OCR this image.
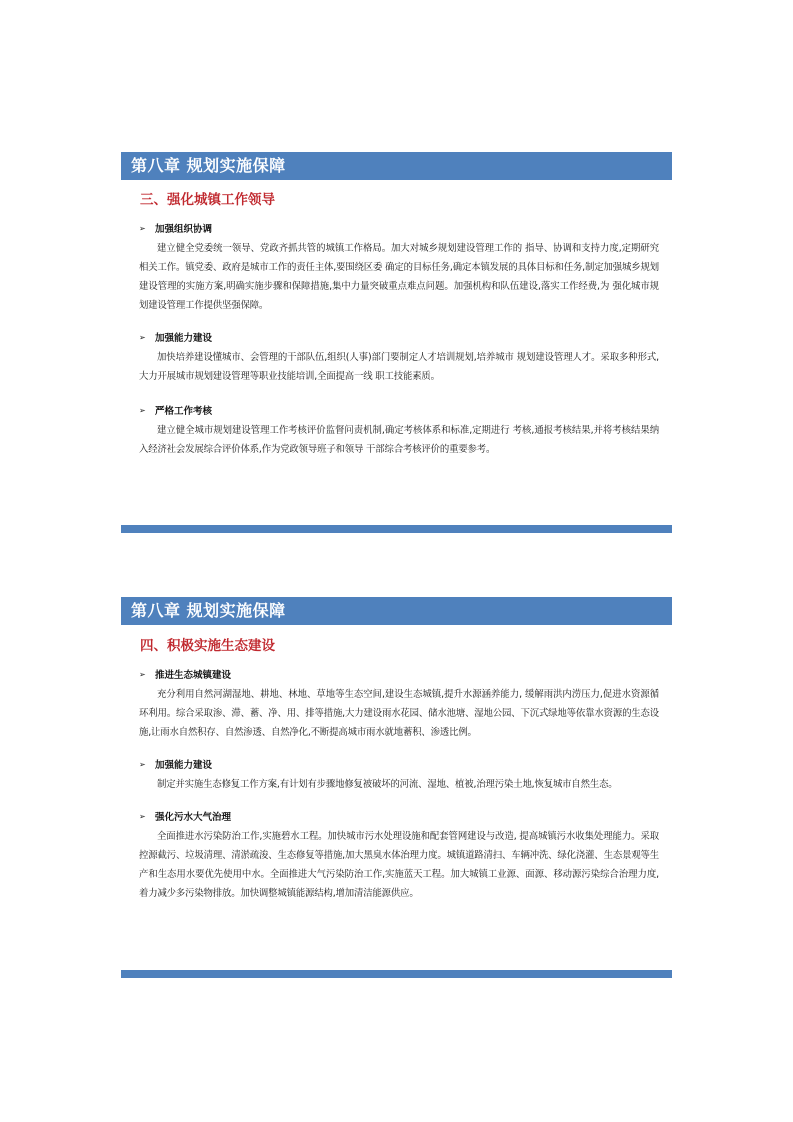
第八章 规划实施保障
三、强化城镇工作领导
➢ 加强组织协调
建立健全党委统一领导、党政齐抓共管的城镇工作格局。加大对城乡规划建设管理工作的 指导、协调和支持力度,定期研究相关工作。镇党委、政府是城市工作的责任主体,要围绕区委 确定的目标任务,确定本镇发展的具体目标和任务,制定加强城乡规划建设管理的实施方案,明确实施步骤和保障措施,集中力量突破重点难点问题。加强机构和队伍建设,落实工作经费,为 强化城市规划建设管理工作提供坚强保障。
➢ 加强能力建设
加快培养建设懂城市、会管理的干部队伍,组织(人事)部门要制定人才培训规划,培养城市 规划建设管理人才。采取多种形式,大力开展城市规划建设管理等职业技能培训,全面提高一线 职工技能素质。
➢ 严格工作考核
建立健全城市规划建设管理工作考核评价监督问责机制,确定考核体系和标准,定期进行 考核,通报考核结果,并将考核结果纳入经济社会发展综合评价体系,作为党政领导班子和领导 干部综合考核评价的重要参考。
第八章 规划实施保障
四、积极实施生态建设
➢ 推进生态城镇建设
充分利用自然河湖湿地、耕地、林地、草地等生态空间,建设生态城镇,提升水源涵养能力, 缓解雨洪内涝压力,促进水资源循环利用。综合采取渗、滞、蓄、净、用、排等措施,大力建设雨水花园、储水池塘、湿地公园、下沉式绿地等依靠水资源的生态设施,让雨水自然积存、自然渗透、自然净化,不断提高城市雨水就地蓄积、渗透比例。
➢ 加强能力建设
制定并实施生态修复工作方案,有计划有步骤地修复被破坏的河流、湿地、植被,治理污染土地,恢复城市自然生态。
➢ 强化污水大气治理
全面推进水污染防治工作,实施碧水工程。加快城市污水处理设施和配套管网建设与改造, 提高城镇污水收集处理能力。采取控源截污、垃圾清理、清淤疏浚、生态修复等措施,加大黑臭水体治理力度。城镇道路清扫、车辆冲洗、绿化浇灌、生态景观等生产和生态用水要优先使用中水。全面推进大气污染防治工作,实施蓝天工程。加大城镇工业源、面源、移动源污染综合治理力度,着力减少多污染物排放。加快调整城镇能源结构,增加清洁能源供应。
